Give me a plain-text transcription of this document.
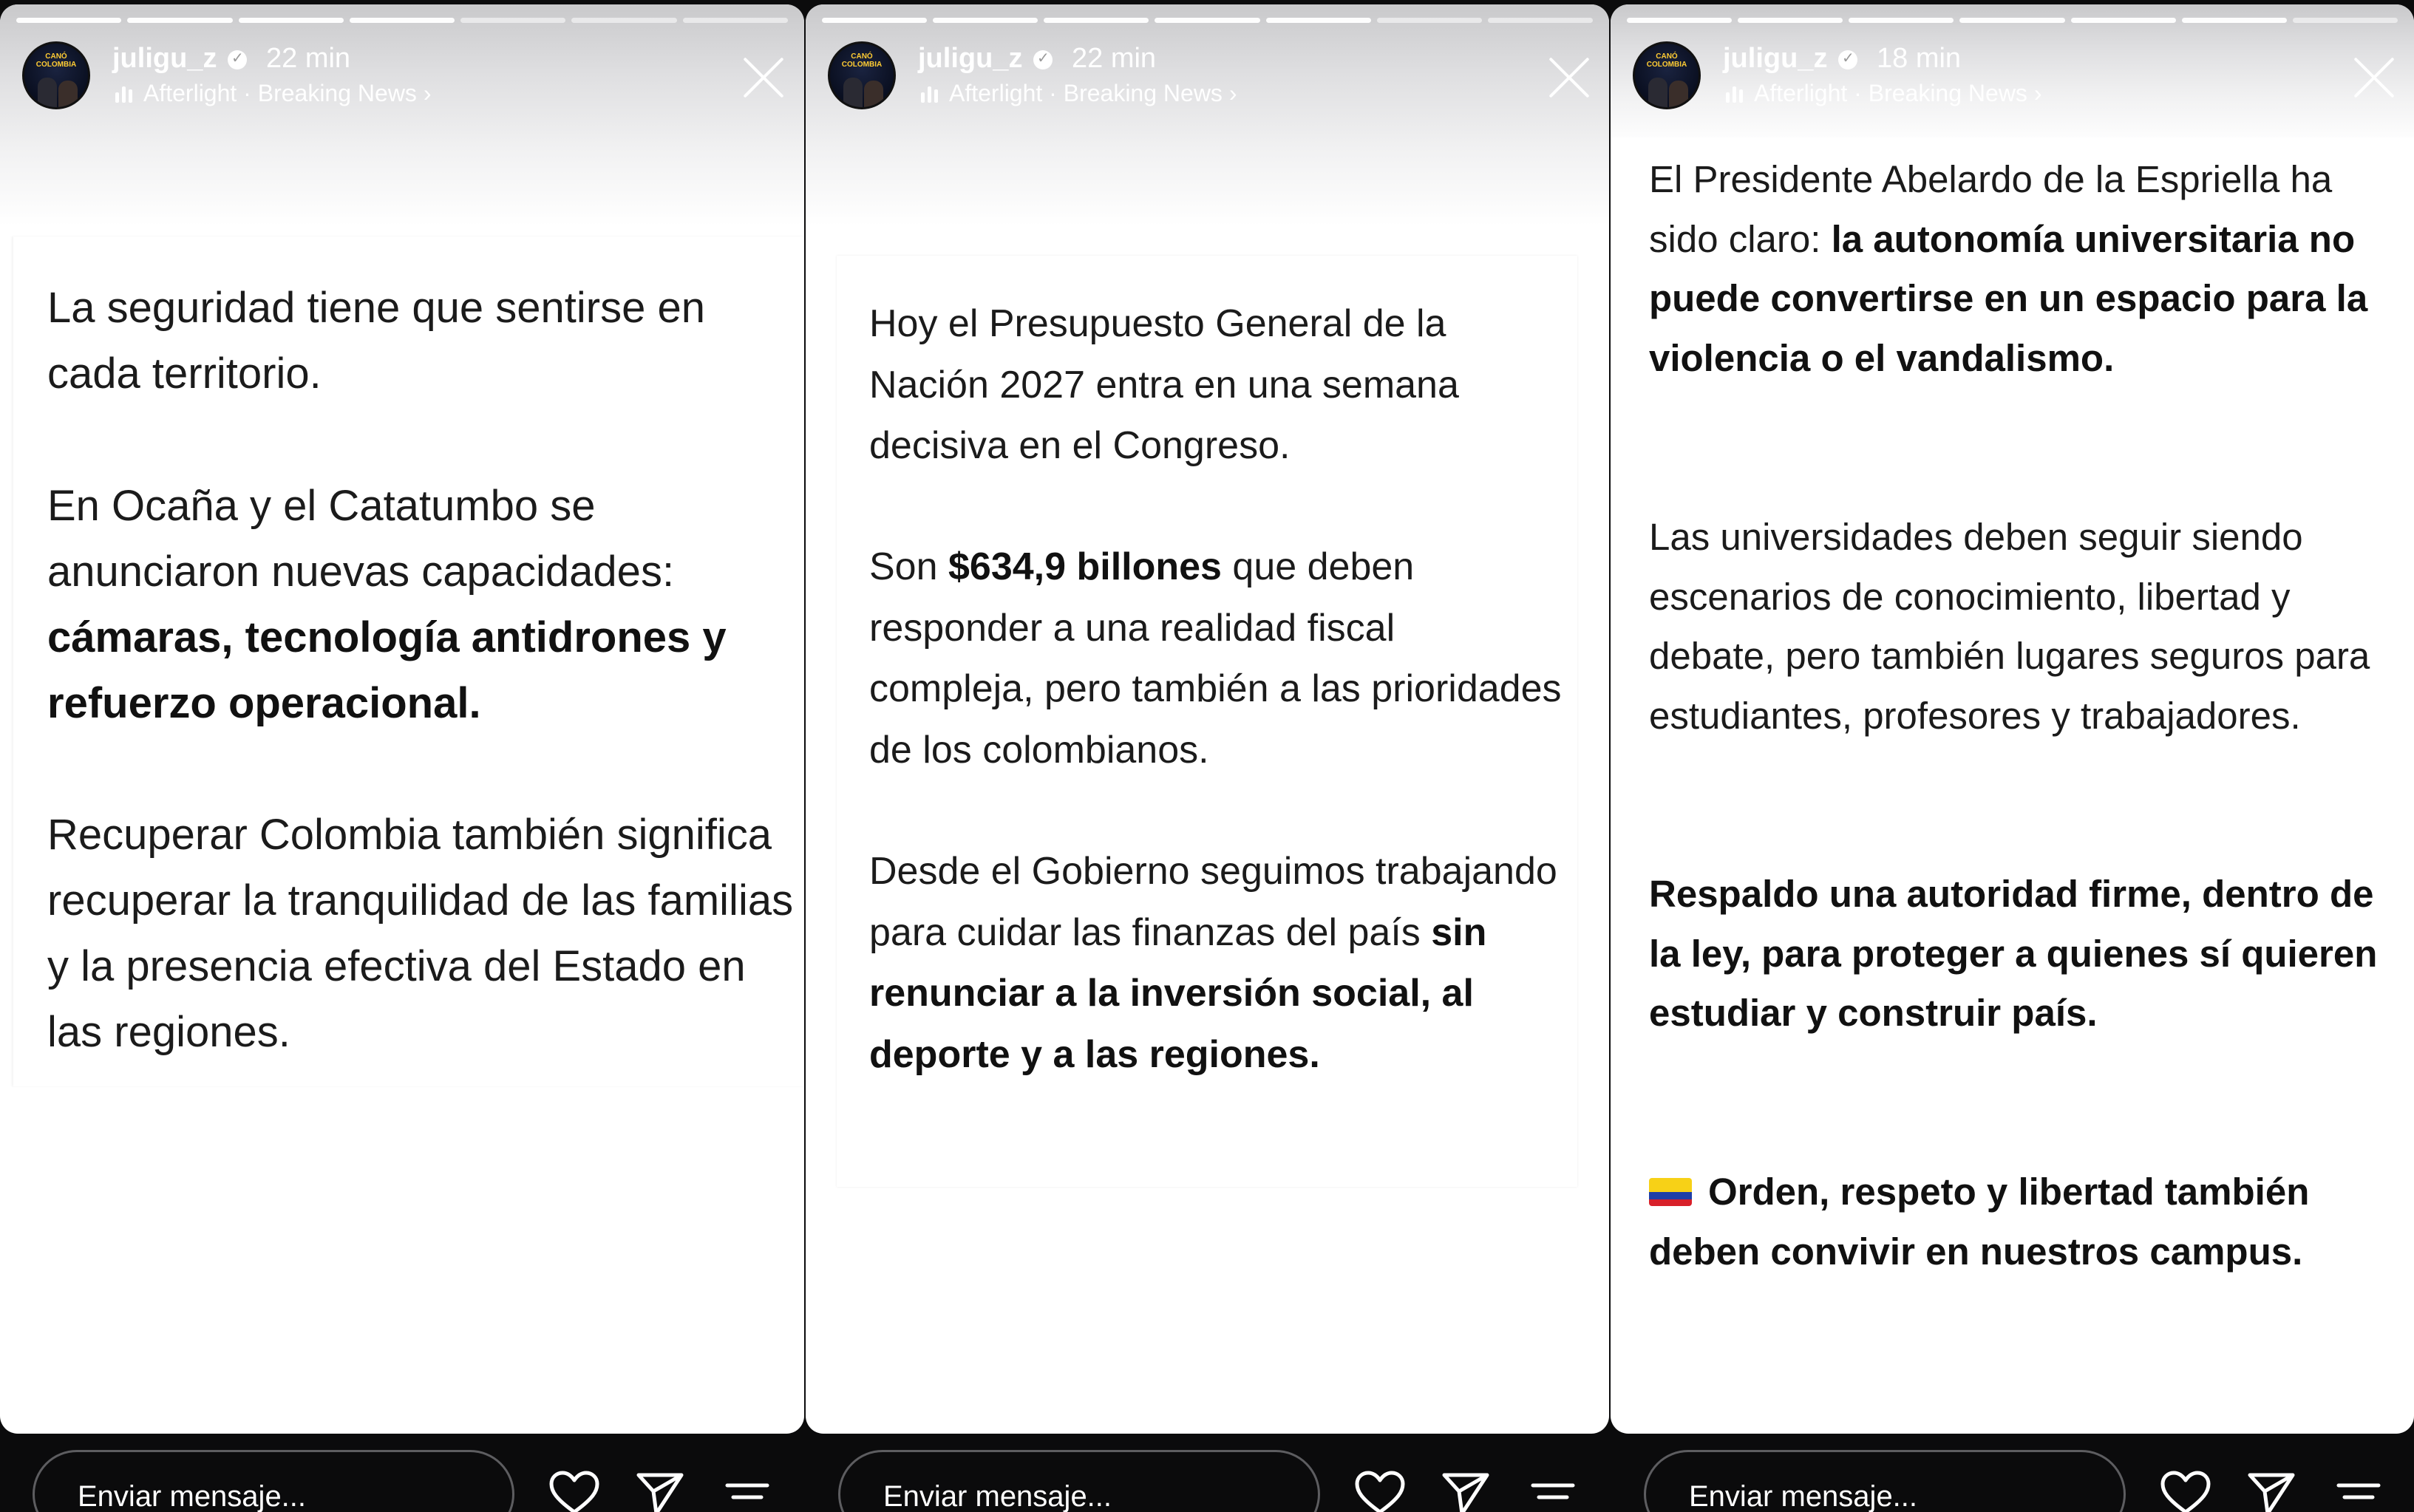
CANÓ
COLOMBIA	juligu_z ✓ 22 min
Afterlight · Breaking News ›
La seguridad tiene que sentirse en cada territorio.
En Ocaña y el Catatumbo se anunciaron nuevas capacidades: cámaras, tecnología antidrones y refuerzo operacional.
Recuperar Colombia también significa recuperar la tranquilidad de las familias y la presencia efectiva del Estado en las regiones.
CANÓ
COLOMBIA	juligu_z ✓ 22 min
Afterlight · Breaking News ›
Hoy el Presupuesto General de la Nación 2027 entra en una semana decisiva en el Congreso.
Son $634,9 billones que deben responder a una realidad fiscal compleja, pero también a las prioridades de los colombianos.
Desde el Gobierno seguimos trabajando para cuidar las finanzas del país sin renunciar a la inversión social, al deporte y a las regiones.
CANÓ
COLOMBIA	juligu_z ✓ 18 min
Afterlight · Breaking News ›
El Presidente Abelardo de la Espriella ha sido claro: la autonomía universitaria no puede convertirse en un espacio para la violencia o el vandalismo.
Las universidades deben seguir siendo escenarios de conocimiento, libertad y debate, pero también lugares seguros para estudiantes, profesores y trabajadores.
Respaldo una autoridad firme, dentro de la ley, para proteger a quienes sí quieren estudiar y construir país.
Orden, respeto y libertad también deben convivir en nuestros campus.
Enviar mensaje...	Enviar mensaje...	Enviar mensaje...
